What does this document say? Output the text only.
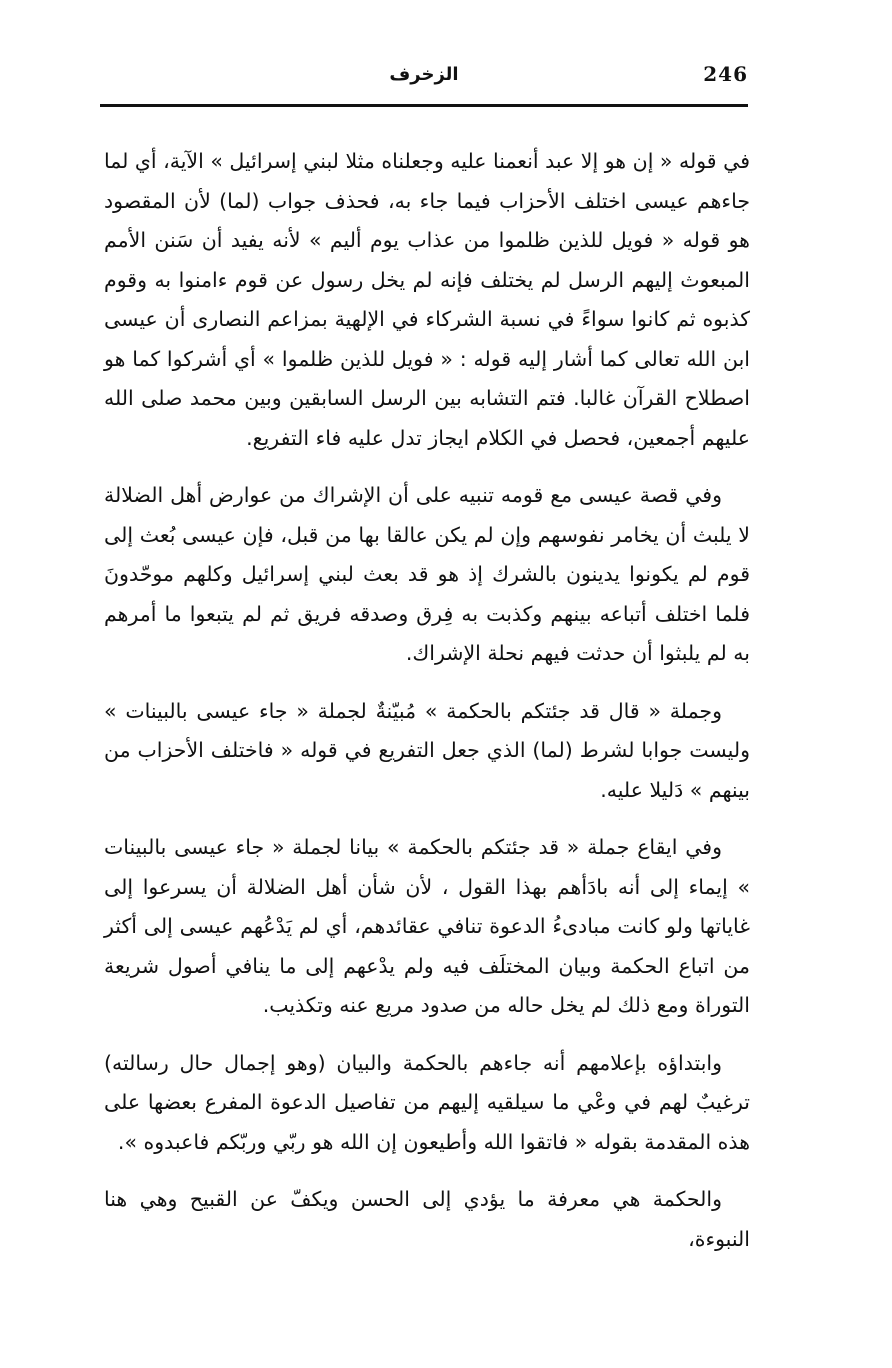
246
الزخرف

في قوله « إن هو إلا عبد أنعمنا عليه وجعلناه مثلا لبني إسرائيل » الآية، أي لما جاءهم عيسى اختلف الأحزاب فيما جاء به، فحذف جواب (لما) لأن المقصود هو قوله « فويل للذين ظلموا من عذاب يوم أليم » لأنه يفيد أن سَنن الأمم المبعوث إليهم الرسل لم يختلف فإنه لم يخل رسول عن قوم ءامنوا به وقوم كذبوه ثم كانوا سواءً في نسبة الشركاء في الإلهية بمزاعم النصارى أن عيسى ابن الله تعالى كما أشار إليه قوله : « فويل للذين ظلموا » أي أشركوا كما هو اصطلاح القرآن غالبا. فتم التشابه بين الرسل السابقين وبين محمد صلى الله عليهم أجمعين، فحصل في الكلام ايجاز تدل عليه فاء التفريع.

وفي قصة عيسى مع قومه تنبيه على أن الإشراك من عوارض أهل الضلالة لا يلبث أن يخامر نفوسهم وإن لم يكن عالقا بها من قبل، فإن عيسى بُعث إلى قوم لم يكونوا يدينون بالشرك إذ هو قد بعث لبني إسرائيل وكلهم موحّدونَ فلما اختلف أتباعه بينهم وكذبت به فِرق وصدقه فريق ثم لم يتبعوا ما أمرهم به لم يلبثوا أن حدثت فيهم نحلة الإشراك.

وجملة « قال قد جئتكم بالحكمة » مُبيّنةٌ لجملة « جاء عيسى بالبينات » وليست جوابا لشرط (لما) الذي جعل التفريع في قوله « فاختلف الأحزاب من بينهم » دَليلا عليه.

وفي ايقاع جملة « قد جئتكم بالحكمة » بيانا لجملة « جاء عيسى بالبينات » إيماء إلى أنه بادَأهم بهذا القول ، لأن شأن أهل الضلالة أن يسرعوا إلى غاياتها ولو كانت مبادىءُ الدعوة تنافي عقائدهم، أي لم يَدْعُهم عيسى إلى أكثر من اتباع الحكمة وبيان المختلَف فيه ولم يدْعهم إلى ما ينافي أصول شريعة التوراة ومع ذلك لم يخل حاله من صدود مريع عنه وتكذيب.

وابتداؤه بإعلامهم أنه جاءهم بالحكمة والبيان (وهو إجمال حال رسالته) ترغيبٌ لهم في وعْي ما سيلقيه إليهم من تفاصيل الدعوة المفرع بعضها على هذه المقدمة بقوله « فاتقوا الله وأطيعون إن الله هو ربّي وربّكم فاعبدوه ».

والحكمة هي معرفة ما يؤدي إلى الحسن ويكفّ عن القبيح وهي هنا النبوءة،
